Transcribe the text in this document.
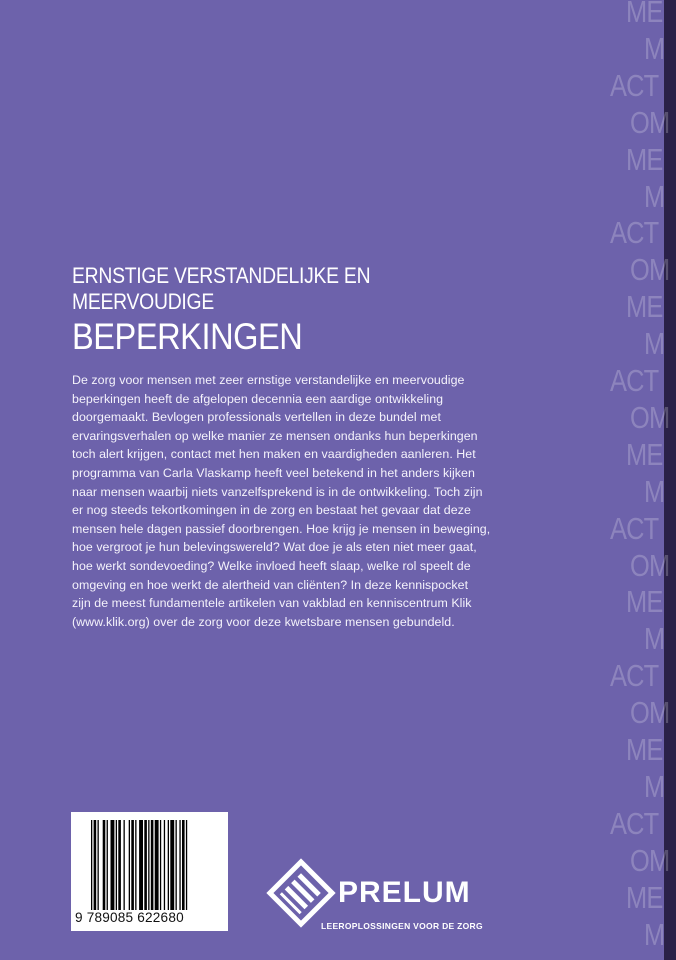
ME
M
ACT
OM
ME
M
ACT
OM
ME
M
ACT
OM
ME
M
ACT
OM
ME
M
ACT
OM
ME
M
ACT
OM
ME
M
ERNSTIGE VERSTANDELIJKE EN
MEERVOUDIGE
BEPERKINGEN
De zorg voor mensen met zeer ernstige verstandelijke en meervoudige
beperkingen heeft de afgelopen decennia een aardige ontwikkeling
doorgemaakt. Bevlogen professionals vertellen in deze bundel met
ervaringsverhalen op welke manier ze mensen ondanks hun beperkingen
toch alert krijgen, contact met hen maken en vaardigheden aanleren. Het
programma van Carla Vlaskamp heeft veel betekend in het anders kijken
naar mensen waarbij niets vanzelfsprekend is in de ontwikkeling. Toch zijn
er nog steeds tekortkomingen in de zorg en bestaat het gevaar dat deze
mensen hele dagen passief doorbrengen. Hoe krijg je mensen in beweging,
hoe vergroot je hun belevingswereld? Wat doe je als eten niet meer gaat,
hoe werkt sondevoeding? Welke invloed heeft slaap, welke rol speelt de
omgeving en hoe werkt de alertheid van cliënten? In deze kennispocket
zijn de meest fundamentele artikelen van vakblad en kenniscentrum Klik
(www.klik.org) over de zorg voor deze kwetsbare mensen gebundeld.
9 789085 622680
PRELUM
LEEROPLOSSINGEN VOOR DE ZORG
